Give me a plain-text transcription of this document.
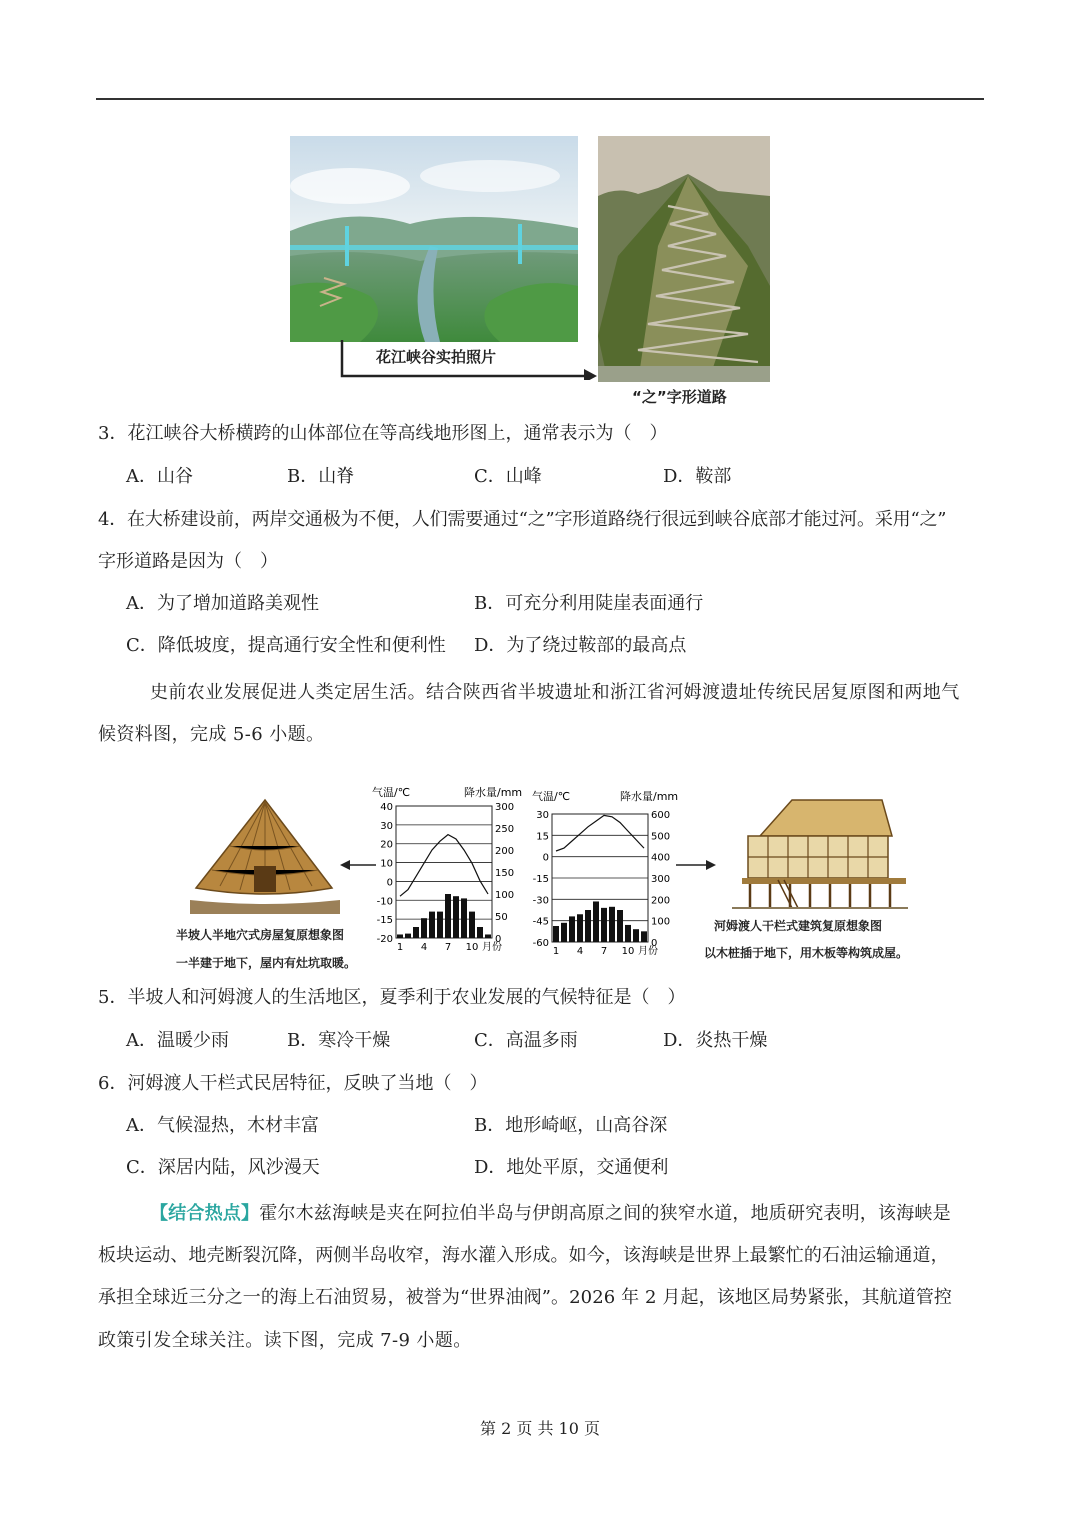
花江峡谷实拍照片
“之”字形道路
3．花江峡谷大桥横跨的山体部位在等高线地形图上，通常表示为（　）
A．山谷	B．山脊	C．山峰	D．鞍部
4．在大桥建设前，两岸交通极为不便，人们需要通过“之”字形道路绕行很远到峡谷底部才能过河。采用“之”
字形道路是因为（　）
A．为了增加道路美观性	B．可充分利用陡崖表面通行
C．降低坡度，提高通行安全性和便利性 D．为了绕过鞍部的最高点
史前农业发展促进人类定居生活。结合陕西省半坡遗址和浙江省河姆渡遗址传统民居复原图和两地气
候资料图，完成 5-6 小题。
半坡人半地穴式房屋复原想象图
河姆渡人干栏式建筑复原想象图
一半建于地下，屋内有灶坑取暖。
以木桩插于地下，用木板等构筑成屋。
气温/℃	降水量/mm
40
30
20
10
0
-10
-15
-20
300
250
200
150
100
50
0
1 4 7 10 月份
气温/℃	降水量/mm
30
15
0
-15
-30
-45
-60
600
500
400
300
200
100
0
1 4 7 10 月份
5．半坡人和河姆渡人的生活地区，夏季利于农业发展的气候特征是（　）
A．温暖少雨	B．寒冷干燥	C．高温多雨	D．炎热干燥
6．河姆渡人干栏式民居特征，反映了当地（　）
A．气候湿热，木材丰富	B．地形崎岖，山高谷深
C．深居内陆，风沙漫天	D．地处平原，交通便利
【结合热点】霍尔木兹海峡是夹在阿拉伯半岛与伊朗高原之间的狭窄水道，地质研究表明，该海峡是
板块运动、地壳断裂沉降，两侧半岛收窄，海水灌入形成。如今，该海峡是世界上最繁忙的石油运输通道，
承担全球近三分之一的海上石油贸易，被誉为“世界油阀”。2026 年 2 月起，该地区局势紧张，其航道管控
政策引发全球关注。读下图，完成 7-9 小题。
第 2 页 共 10 页
